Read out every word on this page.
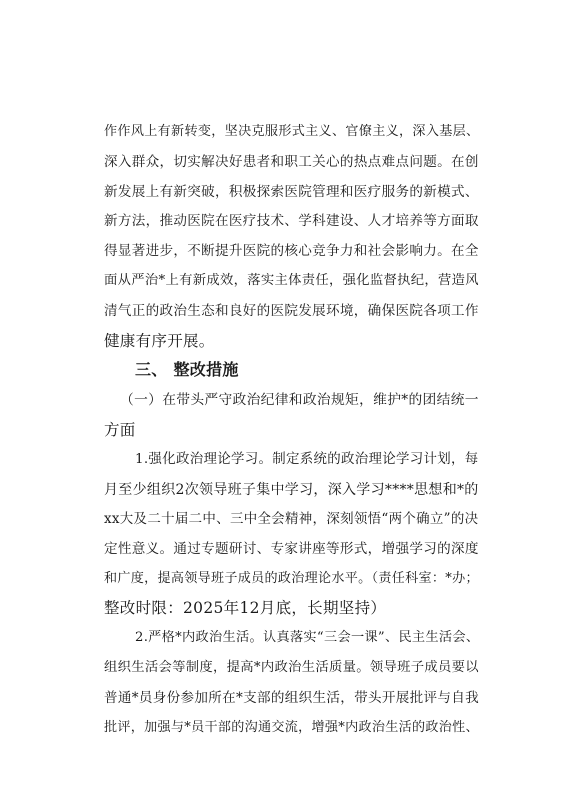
作作风上有新转变，坚决克服形式主义、官僚主义，深入基层、
深入群众，切实解决好患者和职工关心的热点难点问题。在创
新发展上有新突破，积极探索医院管理和医疗服务的新模式、
新方法，推动医院在医疗技术、学科建设、人才培养等方面取
得显著进步，不断提升医院的核心竞争力和社会影响力。在全
面从严治*上有新成效，落实主体责任，强化监督执纪，营造风
清气正的政治生态和良好的医院发展环境，确保医院各项工作
健康有序开展。
三、 整改措施
（一）在带头严守政治纪律和政治规矩，维护*的团结统一
方面
1.强化政治理论学习。制定系统的政治理论学习计划，每
月至少组织2次领导班子集中学习，深入学习****思想和*的
xx大及二十届二中、三中全会精神，深刻领悟“两个确立”的决
定性意义。通过专题研讨、专家讲座等形式，增强学习的深度
和广度，提高领导班子成员的政治理论水平。（责任科室：*办；
整改时限：2025年12月底，长期坚持）
2.严格*内政治生活。认真落实“三会一课”、民主生活会、
组织生活会等制度，提高*内政治生活质量。领导班子成员要以
普通*员身份参加所在*支部的组织生活，带头开展批评与自我
批评，加强与*员干部的沟通交流，增强*内政治生活的政治性、
